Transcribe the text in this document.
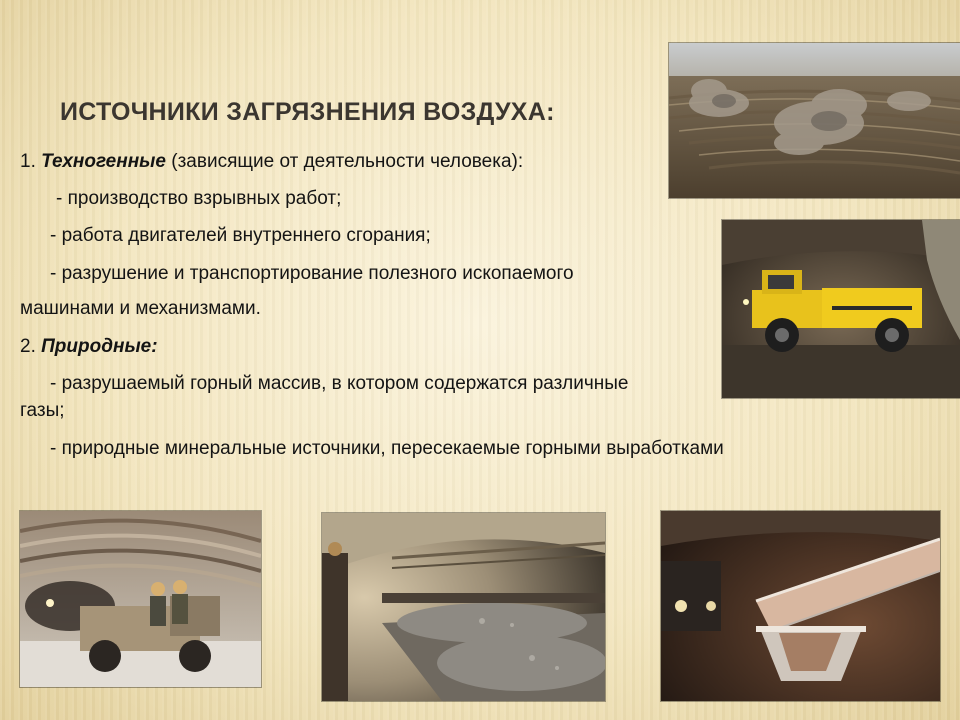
ИСТОЧНИКИ ЗАГРЯЗНЕНИЯ ВОЗДУХА:
1. Техногенные (зависящие от деятельности человека):
- производство взрывных работ;
- работа двигателей внутреннего сгорания;
- разрушение и транспортирование полезного ископаемого
машинами и механизмами.
2. Природные:
- разрушаемый горный массив, в котором содержатся различные
газы;
- природные минеральные источники, пересекаемые горными выработками
